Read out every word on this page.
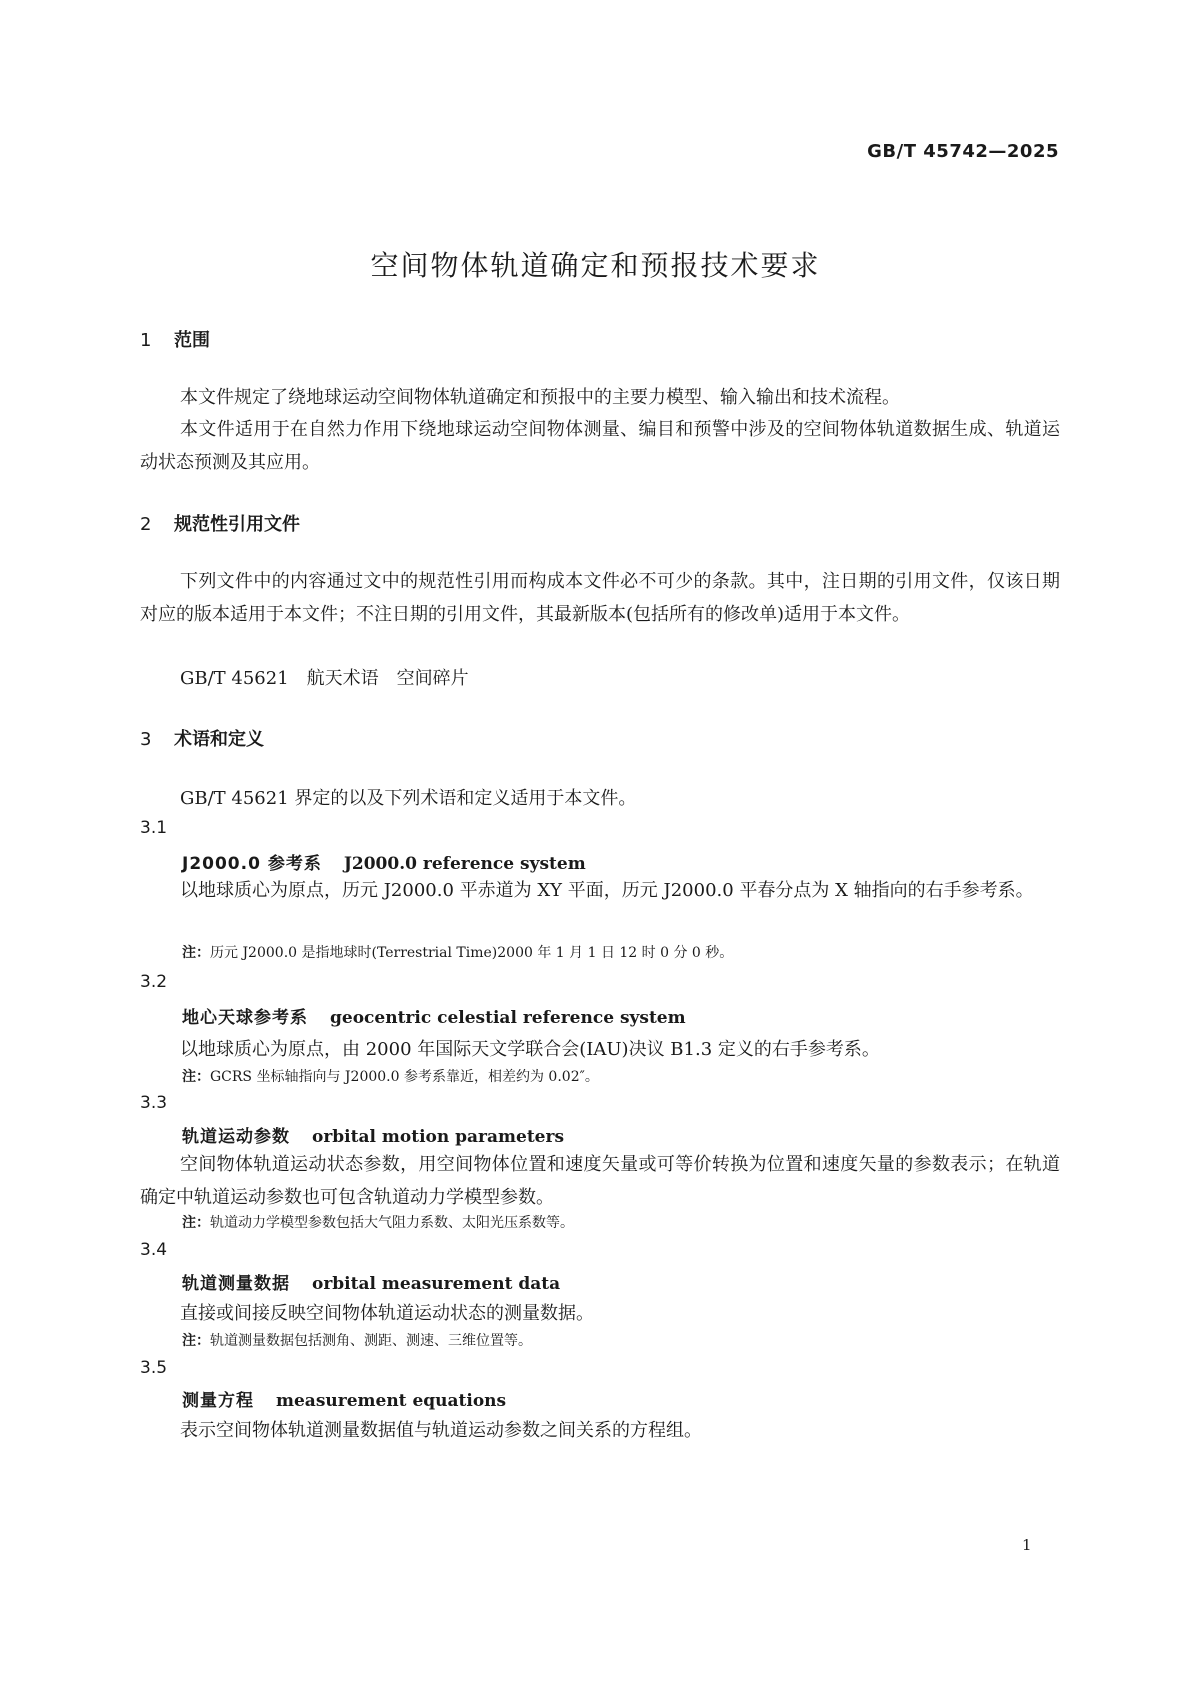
GB/T 45742—2025
空间物体轨道确定和预报技术要求
1 范围
本文件规定了绕地球运动空间物体轨道确定和预报中的主要力模型、输入输出和技术流程。
本文件适用于在自然力作用下绕地球运动空间物体测量、编目和预警中涉及的空间物体轨道数据生成、轨道运动状态预测及其应用。
2 规范性引用文件
下列文件中的内容通过文中的规范性引用而构成本文件必不可少的条款。其中，注日期的引用文件，仅该日期对应的版本适用于本文件；不注日期的引用文件，其最新版本(包括所有的修改单)适用于本文件。
GB/T 45621　航天术语　空间碎片
3 术语和定义
GB/T 45621 界定的以及下列术语和定义适用于本文件。
3.1
J2000.0 参考系 J2000.0 reference system
以地球质心为原点，历元 J2000.0 平赤道为 XY 平面，历元 J2000.0 平春分点为 X 轴指向的右手参考系。
注：历元 J2000.0 是指地球时(Terrestrial Time)2000 年 1 月 1 日 12 时 0 分 0 秒。
3.2
地心天球参考系 geocentric celestial reference system
以地球质心为原点，由 2000 年国际天文学联合会(IAU)决议 B1.3 定义的右手参考系。
注：GCRS 坐标轴指向与 J2000.0 参考系靠近，相差约为 0.02″。
3.3
轨道运动参数 orbital motion parameters
空间物体轨道运动状态参数，用空间物体位置和速度矢量或可等价转换为位置和速度矢量的参数表示；在轨道确定中轨道运动参数也可包含轨道动力学模型参数。
注：轨道动力学模型参数包括大气阻力系数、太阳光压系数等。
3.4
轨道测量数据 orbital measurement data
直接或间接反映空间物体轨道运动状态的测量数据。
注：轨道测量数据包括测角、测距、测速、三维位置等。
3.5
测量方程 measurement equations
表示空间物体轨道测量数据值与轨道运动参数之间关系的方程组。
1
